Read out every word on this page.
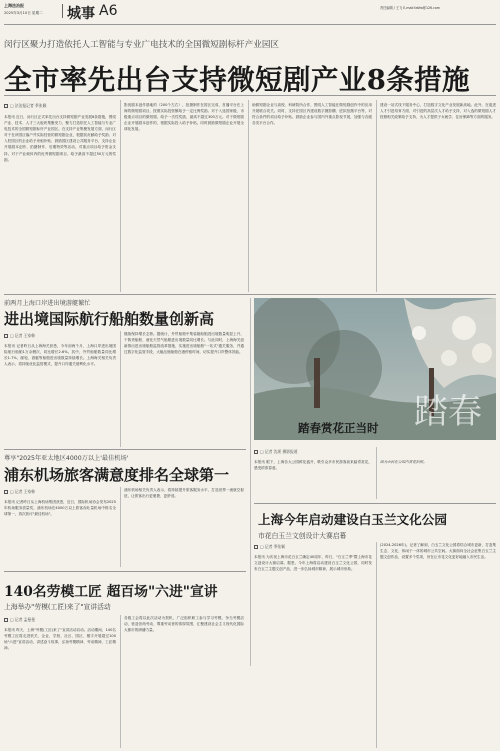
上海法治报
2025年3月10日 星期二 城事 A6	责任编辑 / 王飞 E-mail:fzbfw@126.com
闵行区聚力打造依托人工智能与专业广电技术的全国微短剧标杆产业园区
全市率先出台支持微短剧产业8条措施
□ 法治报记者 季张颖
本报讯 近日，闵行区正式率先出台支持微短剧产业发展8条措施，围绕产业、技术、人才三大板块集聚发力，聚力打造依托人工智能与专业广电技术的全国微短剧标杆产业园区。在支持产业集聚发展方面，闵行区对于在该园区落户并实际经营的微短剧企业，根据其贡献给予奖励；对入驻园区的企业给予房租补贴；鼓励园区建设公共服务平台，支持企业开展剧本创作、拍摄制作、后期特效等活动，对重点项目给予资金支持。对于产业载体内的优秀微短剧项目，给予最高不超过50万元的奖励。
影视剧本创作基地的（200个左右），拍摄制作在园区完成、首播平台在上海的微短剧项目，按照实际投资额给予一定比例奖励。对于入选国家级、市级重点项目的微短剧，给予一次性奖励，最高不超过300万元。对于微短剧企业开展剧本创作的，根据实际投入给予补贴。同时鼓励微短剧企业开展全球化发展。
助微短剧企业与高校、科研院所合作，围绕人工智能在微短剧创作中的应用开展联合攻关。同时，支持在园区内建设数字摄影棚、虚拟拍摄平台等，对符合条件的项目给予补贴。鼓励企业参与国内外重点影视节展，加强与各级各类平台合作。
建设一站式线下服务中心，打造数字文化产业发展新高地。此外，在促进人才引进培育方面，对引进的高层次人才给予支持，对入选的微短剧人才按照相关政策给予支持，为人才提供子女就学、住房保障等方面的服务。
前两月上海口岸进出境游艇繁忙
进出境国际航行船舶数量创新高
□ 记者 王家韩
本报讯 记者昨日从上海海关获悉，今年前两个月，上海口岸进出境国际航行船舶1万余艘次，同比增长2.6%。其中，外贸船舶数量同比增长1.7%，邮轮、游艇等船舶进出境数量持续增长。上海海关相关负责人表示，将持续优化监管模式，提升口岸通关便利化水平。
继续保持增长态势。据统计，外贸船舶中集装箱船舶进出境数量明显上升，干散货船舶、液化天然气船舶进出境数量同比增长。与此同时，上海海关创新推出进出境船舶监管改革措施，实施进出境船舶"一站式"通关服务，并通过数字化监管手段，大幅压缩船舶在港停留时间，切实提升口岸整体效能。
踏春
踏春赏花正当时
□ 记者 沈瑶 摄影报道
本报讯 眼下，上海各大公园鲜花盛开，吸引众多市民游客前来踏青赏花，感受浓浓春意。
图为市民在公园内赏花拍照。
尊享"2025年亚太地区4000万以上'最佳机场'
浦东机场旅客满意度排名全球第一
□ 记者 王家韩
本报讯 记者昨日从上海机场集团获悉，近日，国际机场协会发布2025年机场服务质量奖，浦东机场在4000万以上旅客吞吐量机场中排名全球第一，再次获评"最佳机场"。
浦东机场相关负责人表示，将持续提升旅客服务水平，打造世界一流航空枢纽，让旅客出行更便捷、更舒适。
上海今年启动建设白玉兰文化公园
市花白玉兰文创设计大赛启幕
□ 记者 季张颖
本报讯 为庆祝上海市花白玉兰确定40周年，昨日，"白玉兰季"暨上海市花文创设计大赛启幕。据悉，今年上海将启动建设白玉兰文化公园，同时发布白玉兰主题文创产品，进一步弘扬城市精神，展示城市形象。
(2024-2026年)。记者了解到，白玉兰文化公园将结合城市更新，打造集生态、文化、休闲于一体的城市公共空间。大赛面向全社会征集白玉兰主题文创作品，设置多个奖项，旨在让市花文化更好地融入市民生活。
140名劳模工匠 超百场"六进"宣讲
上海举办"劳模(工匠)来了"宣讲活动
□ 记者 孟曼曼
本报讯 昨天，上海"劳模(工匠)来了"宣讲活动启动。活动期间，140名劳模工匠将走进机关、企业、学校、社区、园区、楼宇开展超过100场"六进"宣讲活动，讲述奋斗故事，弘扬劳模精神、劳动精神、工匠精神。
各级工会将以此次活动为契机，广泛组织职工参与学习劳模、争当劳模活动，营造崇尚劳动、尊重劳动者的浓厚氛围，汇聚建设社会主义现代化国际大都市的磅礴力量。
